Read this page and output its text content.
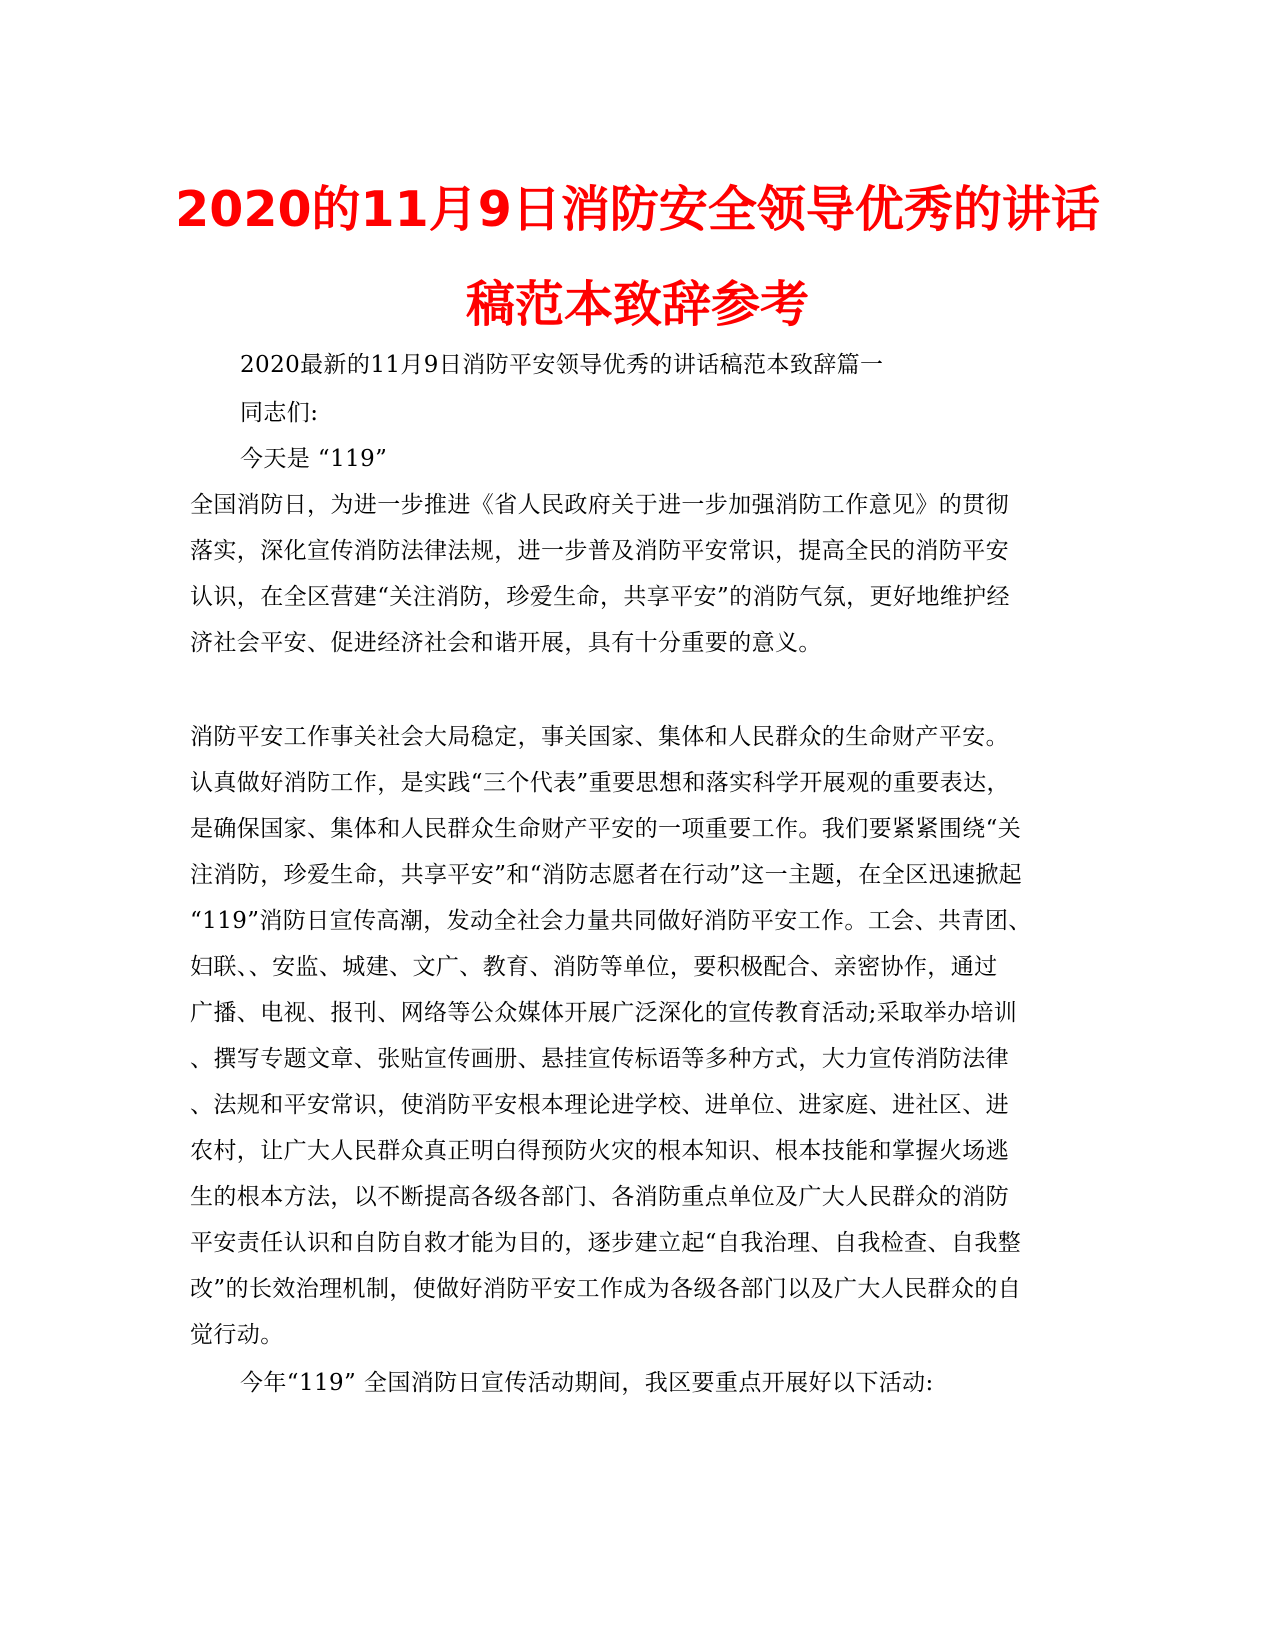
2020的11月9日消防安全领导优秀的讲话
稿范本致辞参考

2020最新的11月9日消防平安领导优秀的讲话稿范本致辞篇一

同志们:

今天是 “119”

全国消防日，为进一步推进《省人民政府关于进一步加强消防工作意见》的贯彻

落实，深化宣传消防法律法规，进一步普及消防平安常识，提高全民的消防平安

认识，在全区营建“关注消防，珍爱生命，共享平安”的消防气氛，更好地维护经

济社会平安、促进经济社会和谐开展，具有十分重要的意义。

消防平安工作事关社会大局稳定，事关国家、集体和人民群众的生命财产平安。

认真做好消防工作，是实践“三个代表”重要思想和落实科学开展观的重要表达，

是确保国家、集体和人民群众生命财产平安的一项重要工作。我们要紧紧围绕“关

注消防，珍爱生命，共享平安”和“消防志愿者在行动”这一主题，在全区迅速掀起

“119”消防日宣传高潮，发动全社会力量共同做好消防平安工作。工会、共青团、

妇联、、安监、城建、文广、教育、消防等单位，要积极配合、亲密协作，通过

广播、电视、报刊、网络等公众媒体开展广泛深化的宣传教育活动;采取举办培训

、撰写专题文章、张贴宣传画册、悬挂宣传标语等多种方式，大力宣传消防法律

、法规和平安常识，使消防平安根本理论进学校、进单位、进家庭、进社区、进

农村，让广大人民群众真正明白得预防火灾的根本知识、根本技能和掌握火场逃

生的根本方法，以不断提高各级各部门、各消防重点单位及广大人民群众的消防

平安责任认识和自防自救才能为目的，逐步建立起“自我治理、自我检查、自我整

改”的长效治理机制，使做好消防平安工作成为各级各部门以及广大人民群众的自

觉行动。

今年“119” 全国消防日宣传活动期间，我区要重点开展好以下活动:
